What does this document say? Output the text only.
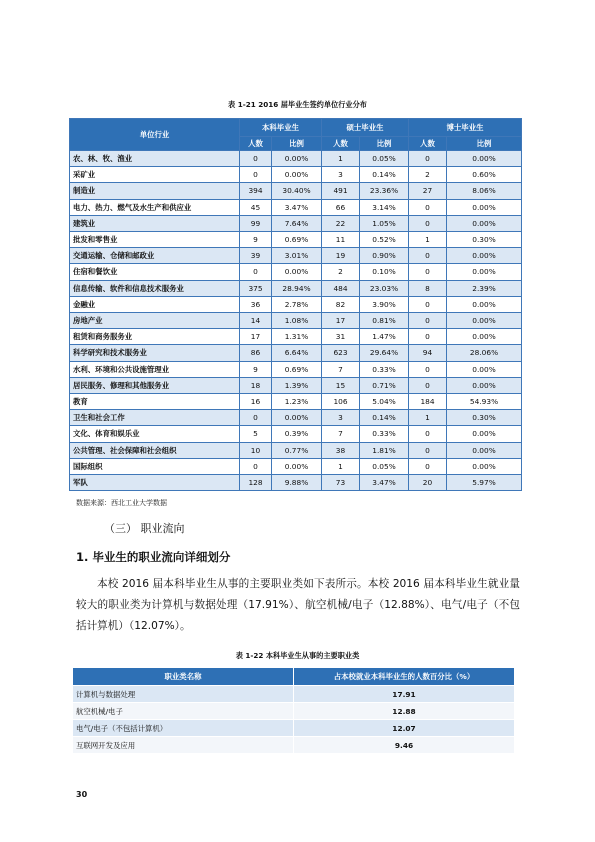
表 1-21 2016 届毕业生签约单位行业分布
单位行业	本科毕业生		硕士毕业生		博士毕业生	
	人数	比例	人数	比例	人数	比例
农、林、牧、渔业	0	0.00%	1	0.05%	0	0.00%
采矿业	0	0.00%	3	0.14%	2	0.60%
制造业	394	30.40%	491	23.36%	27	8.06%
电力、热力、燃气及水生产和供应业	45	3.47%	66	3.14%	0	0.00%
建筑业	99	7.64%	22	1.05%	0	0.00%
批发和零售业	9	0.69%	11	0.52%	1	0.30%
交通运输、仓储和邮政业	39	3.01%	19	0.90%	0	0.00%
住宿和餐饮业	0	0.00%	2	0.10%	0	0.00%
信息传输、软件和信息技术服务业	375	28.94%	484	23.03%	8	2.39%
金融业	36	2.78%	82	3.90%	0	0.00%
房地产业	14	1.08%	17	0.81%	0	0.00%
租赁和商务服务业	17	1.31%	31	1.47%	0	0.00%
科学研究和技术服务业	86	6.64%	623	29.64%	94	28.06%
水利、环境和公共设施管理业	9	0.69%	7	0.33%	0	0.00%
居民服务、修理和其他服务业	18	1.39%	15	0.71%	0	0.00%
教育	16	1.23%	106	5.04%	184	54.93%
卫生和社会工作	0	0.00%	3	0.14%	1	0.30%
文化、体育和娱乐业	5	0.39%	7	0.33%	0	0.00%
公共管理、社会保障和社会组织	10	0.77%	38	1.81%	0	0.00%
国际组织	0	0.00%	1	0.05%	0	0.00%
军队	128	9.88%	73	3.47%	20	5.97%
数据来源：西北工业大学数据
（三） 职业流向
1. 毕业生的职业流向详细划分
本校 2016 届本科毕业生从事的主要职业类如下表所示。本校 2016 届本科毕业生就业量较大的职业类为计算机与数据处理（17.91%）、航空机械/电子（12.88%）、电气/电子（不包括计算机）（12.07%）。
表 1-22 本科毕业生从事的主要职业类
职业类名称	占本校就业本科毕业生的人数百分比（%）
计算机与数据处理	17.91
航空机械/电子	12.88
电气/电子（不包括计算机）	12.07
互联网开发及应用	9.46
30
